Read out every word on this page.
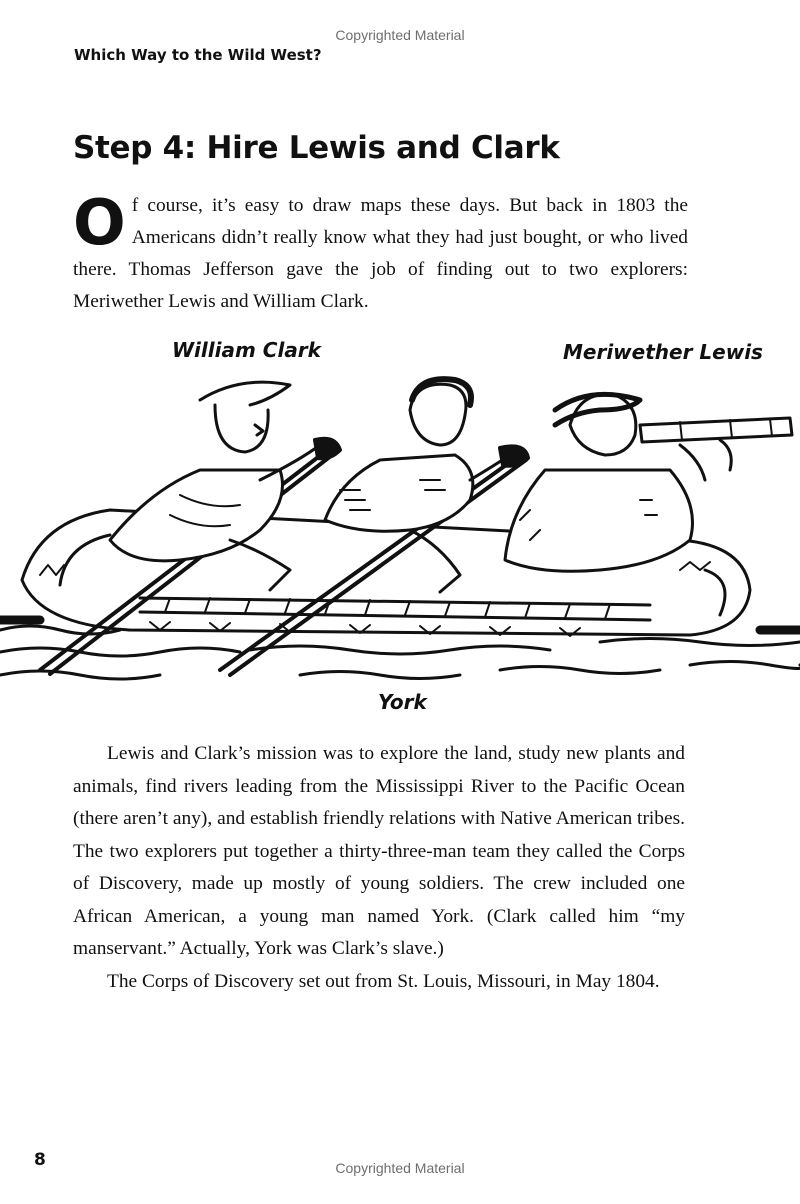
Copyrighted Material
Which Way to the Wild West?
Step 4: Hire Lewis and Clark

Of course, it’s easy to draw maps these days. But back in 1803 the Americans didn’t really know what they had just bought, or who lived there. Thomas Jefferson gave the job of finding out to two explorers: Meriwether Lewis and William Clark.

William Clark	Meriwether Lewis
York

Lewis and Clark’s mission was to explore the land, study new plants and animals, find rivers leading from the Mississippi River to the Pacific Ocean (there aren’t any), and establish friendly relations with Native American tribes. The two explorers put together a thirty-three-man team they called the Corps of Discovery, made up mostly of young soldiers. The crew included one African American, a young man named York. (Clark called him “my manservant.” Actually, York was Clark’s slave.)

The Corps of Discovery set out from St. Louis, Missouri, in May 1804.

8	Copyrighted Material
